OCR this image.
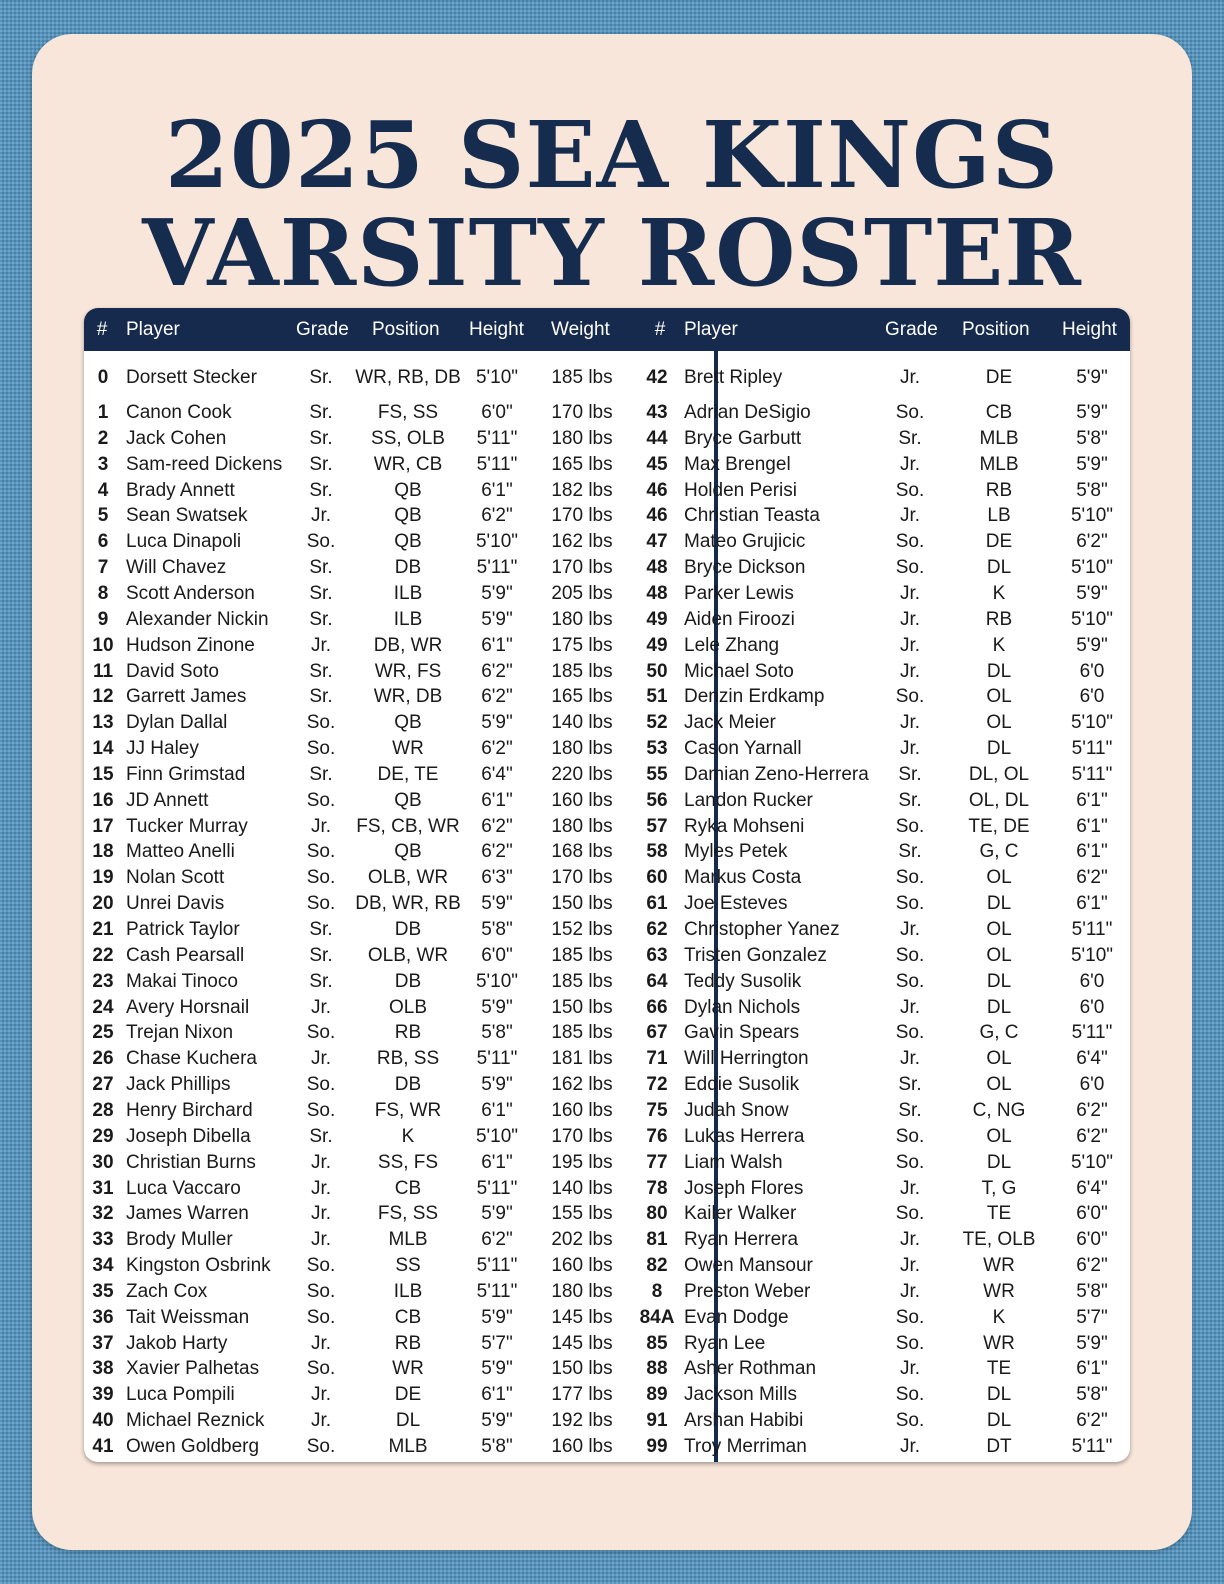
2025 SEA KINGS
VARSITY ROSTER
# Player	Grade Position Height Weight # Player	Grade Position Height
0 Dorsett Stecker	Sr.	WR, RB, DB 5'10"	185 lbs	42 Brett Ripley	Jr.	DE	5'9"
1 Canon Cook	Sr.	FS, SS	6'0"	170 lbs	43 Adrian DeSigio	So.	CB	5'9"
2 Jack Cohen	Sr.	SS, OLB	5'11"	180 lbs	44 Bryce Garbutt	Sr.	MLB	5'8"
3 Sam-reed Dickens	Sr.	WR, CB	5'11"	165 lbs	45 Max Brengel	Jr.	MLB	5'9"
4 Brady Annett	Sr.	QB	6'1"	182 lbs	46 Holden Perisi	So.	RB	5'8"
5 Sean Swatsek	Jr.	QB	6'2"	170 lbs	46 Christian Teasta	Jr.	LB	5'10"
6 Luca Dinapoli	So.	QB	5'10"	162 lbs	47 Mateo Grujicic	So.	DE	6'2"
7 Will Chavez	Sr.	DB	5'11"	170 lbs	48 Bryce Dickson	So.	DL	5'10"
8 Scott Anderson	Sr.	ILB	5'9"	205 lbs	48 Parker Lewis	Jr.	K	5'9"
9 Alexander Nickin	Sr.	ILB	5'9"	180 lbs	49 Aiden Firoozi	Jr.	RB	5'10"
10 Hudson Zinone	Jr.	DB, WR	6'1"	175 lbs	49 Lele Zhang	Jr.	K	5'9"
11 David Soto	Sr.	WR, FS	6'2"	185 lbs	50 Michael Soto	Jr.	DL	6'0
12 Garrett James	Sr.	WR, DB	6'2"	165 lbs	51 Denzin Erdkamp	So.	OL	6'0
13 Dylan Dallal	So.	QB	5'9"	140 lbs	52 Jack Meier	Jr.	OL	5'10"
14 JJ Haley	So.	WR	6'2"	180 lbs	53 Cason Yarnall	Jr.	DL	5'11"
15 Finn Grimstad	Sr.	DE, TE	6'4"	220 lbs	55 Damian Zeno-Herrera	Sr.	DL, OL	5'11"
16 JD Annett	So.	QB	6'1"	160 lbs	56 Landon Rucker	Sr.	OL, DL	6'1"
17 Tucker Murray	Jr.	FS, CB, WR	6'2"	180 lbs	57 Ryka Mohseni	So.	TE, DE	6'1"
18 Matteo Anelli	So.	QB	6'2"	168 lbs	58 Myles Petek	Sr.	G, C	6'1"
19 Nolan Scott	So.	OLB, WR	6'3"	170 lbs	60 Markus Costa	So.	OL	6'2"
20 Unrei Davis	So.	DB, WR, RB	5'9"	150 lbs	61 Joe Esteves	So.	DL	6'1"
21 Patrick Taylor	Sr.	DB	5'8"	152 lbs	62 Christopher Yanez	Jr.	OL	5'11"
22 Cash Pearsall	Sr.	OLB, WR	6'0"	185 lbs	63 Tristen Gonzalez	So.	OL	5'10"
23 Makai Tinoco	Sr.	DB	5'10"	185 lbs	64 Teddy Susolik	So.	DL	6'0
24 Avery Horsnail	Jr.	OLB	5'9"	150 lbs	66 Dylan Nichols	Jr.	DL	6'0
25 Trejan Nixon	So.	RB	5'8"	185 lbs	67 Gavin Spears	So.	G, C	5'11"
26 Chase Kuchera	Jr.	RB, SS	5'11"	181 lbs	71 Will Herrington	Jr.	OL	6'4"
27 Jack Phillips	So.	DB	5'9"	162 lbs	72 Eddie Susolik	Sr.	OL	6'0
28 Henry Birchard	So.	FS, WR	6'1"	160 lbs	75 Judah Snow	Sr.	C, NG	6'2"
29 Joseph Dibella	Sr.	K	5'10"	170 lbs	76 Lukas Herrera	So.	OL	6'2"
30 Christian Burns	Jr.	SS, FS	6'1"	195 lbs	77 Liam Walsh	So.	DL	5'10"
31 Luca Vaccaro	Jr.	CB	5'11"	140 lbs	78 Joseph Flores	Jr.	T, G	6'4"
32 James Warren	Jr.	FS, SS	5'9"	155 lbs	80 Kailer Walker	So.	TE	6'0"
33 Brody Muller	Jr.	MLB	6'2"	202 lbs	81 Ryan Herrera	Jr.	TE, OLB	6'0"
34 Kingston Osbrink	So.	SS	5'11"	160 lbs	82 Owen Mansour	Jr.	WR	6'2"
35 Zach Cox	So.	ILB	5'11"	180 lbs	8	Preston Weber	Jr.	WR	5'8"
36 Tait Weissman	So.	CB	5'9"	145 lbs	84A Evan Dodge	So.	K	5'7"
37 Jakob Harty	Jr.	RB	5'7"	145 lbs	85 Ryan Lee	So.	WR	5'9"
38 Xavier Palhetas	So.	WR	5'9"	150 lbs	88 Asher Rothman	Jr.	TE	6'1"
39 Luca Pompili	Jr.	DE	6'1"	177 lbs	89 Jackson Mills	So.	DL	5'8"
40 Michael Reznick	Jr.	DL	5'9"	192 lbs	91 Arshan Habibi	So.	DL	6'2"
41 Owen Goldberg	So.	MLB	5'8"	160 lbs	99 Troy Merriman	Jr.	DT	5'11"
